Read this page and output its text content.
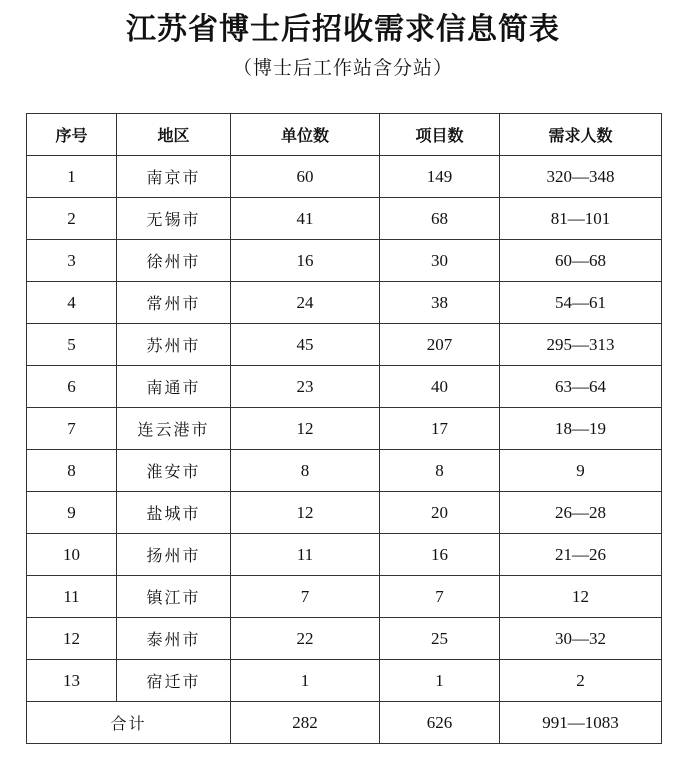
江苏省博士后招收需求信息简表
（博士后工作站含分站）
序号	地区	单位数	项目数	需求人数
1	南京市	60	149	320—348
2	无锡市	41	68	81—101
3	徐州市	16	30	60—68
4	常州市	24	38	54—61
5	苏州市	45	207	295—313
6	南通市	23	40	63—64
7	连云港市	12	17	18—19
8	淮安市	8	8	9
9	盐城市	12	20	26—28
10	扬州市	11	16	21—26
11	镇江市	7	7	12
12	泰州市	22	25	30—32
13	宿迁市	1	1	2
合计		282	626	991—1083
